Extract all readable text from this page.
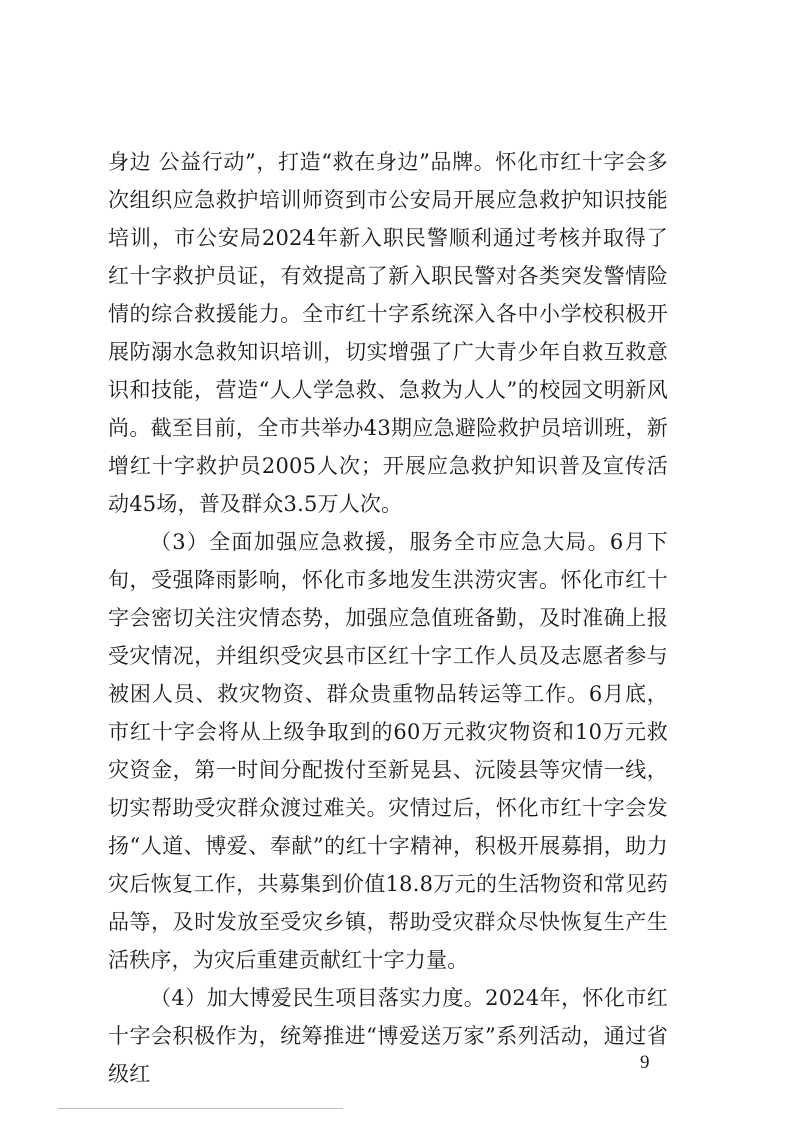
身边 公益行动”，打造“救在身边”品牌。怀化市红十字会多次组织应急救护培训师资到市公安局开展应急救护知识技能培训，市公安局2024年新入职民警顺利通过考核并取得了红十字救护员证，有效提高了新入职民警对各类突发警情险情的综合救援能力。全市红十字系统深入各中小学校积极开展防溺水急救知识培训，切实增强了广大青少年自救互救意识和技能，营造“人人学急救、急救为人人”的校园文明新风尚。截至目前，全市共举办43期应急避险救护员培训班，新增红十字救护员2005人次；开展应急救护知识普及宣传活动45场，普及群众3.5万人次。

（3）全面加强应急救援，服务全市应急大局。6月下旬，受强降雨影响，怀化市多地发生洪涝灾害。怀化市红十字会密切关注灾情态势，加强应急值班备勤，及时准确上报受灾情况，并组织受灾县市区红十字工作人员及志愿者参与被困人员、救灾物资、群众贵重物品转运等工作。6月底，市红十字会将从上级争取到的60万元救灾物资和10万元救灾资金，第一时间分配拨付至新晃县、沅陵县等灾情一线，切实帮助受灾群众渡过难关。灾情过后，怀化市红十字会发扬“人道、博爱、奉献”的红十字精神，积极开展募捐，助力灾后恢复工作，共募集到价值18.8万元的生活物资和常见药品等，及时发放至受灾乡镇，帮助受灾群众尽快恢复生产生活秩序，为灾后重建贡献红十字力量。

（4）加大博爱民生项目落实力度。2024年，怀化市红十字会积极作为，统筹推进“博爱送万家”系列活动，通过省级红	9
